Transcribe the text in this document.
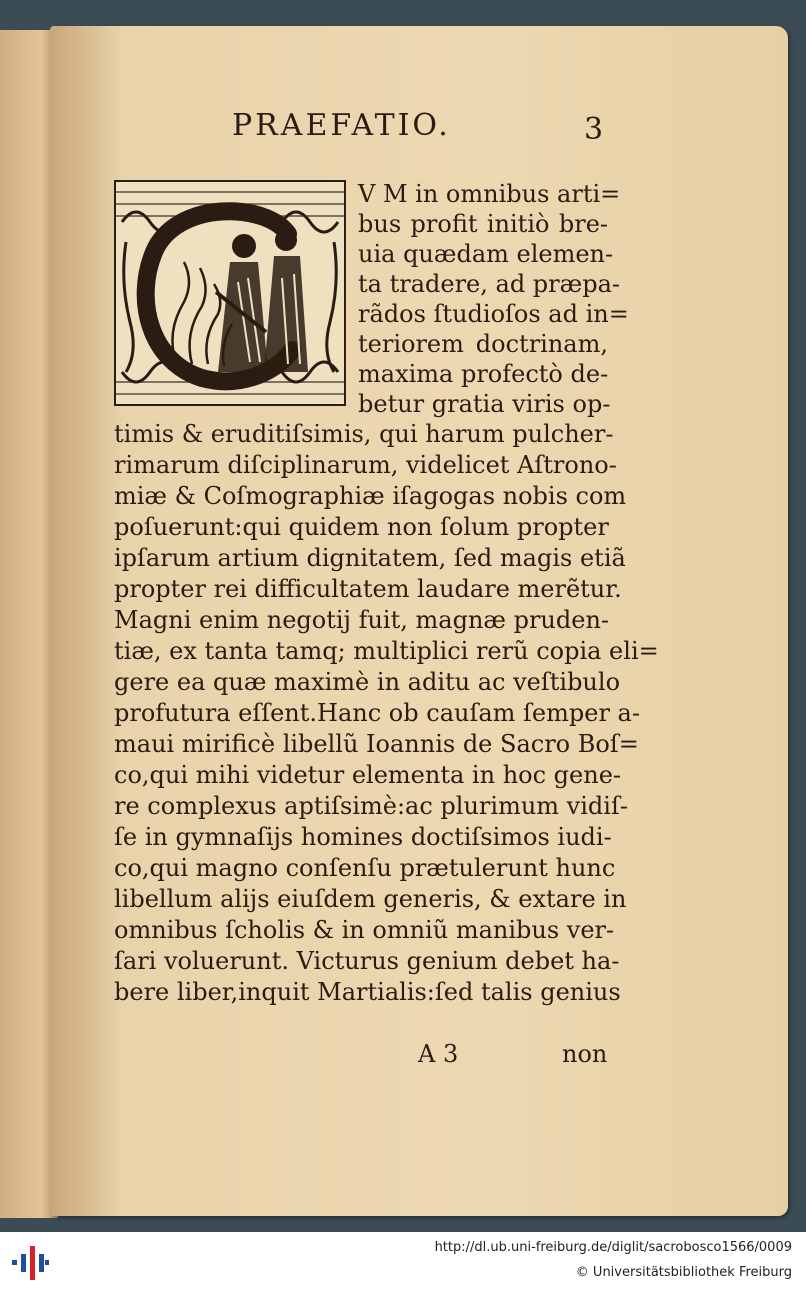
PRAEFATIO.	3
V M in omnibus arti=
bus profit initiò bre-
uia quædam elemen-
ta tradere, ad præpa-
rãdos ſtudioſos ad in=
teriorem doctrinam,
maxima profectò de-
betur gratia viris op-
timis & eruditiſsimis, qui harum pulcher-
rimarum diſciplinarum, videlicet Aſtrono-
miæ & Coſmographiæ iſagogas nobis com
poſuerunt:qui quidem non ſolum propter
ipſarum artium dignitatem, ſed magis etiã
propter rei difficultatem laudare merẽtur.
Magni enim negotij fuit, magnæ pruden-
tiæ, ex tanta tamq; multiplici rerũ copia eli=
gere ea quæ maximè in aditu ac veſtibulo
profutura eſſent.Hanc ob cauſam ſemper a-
maui mirificè libellũ Ioannis de Sacro Boſ=
co,qui mihi videtur elementa in hoc gene-
re complexus aptiſsimè:ac plurimum vidiſ-
ſe in gymnaſijs homines doctiſsimos iudi-
co,qui magno conſenſu prætulerunt hunc
libellum alijs eiuſdem generis, & extare in
omnibus ſcholis & in omniũ manibus ver-
ſari voluerunt. Victurus genium debet ha-
bere liber,inquit Martialis:ſed talis genius
A 3	non
http://dl.ub.uni-freiburg.de/diglit/sacrobosco1566/0009
© Universitätsbibliothek Freiburg
